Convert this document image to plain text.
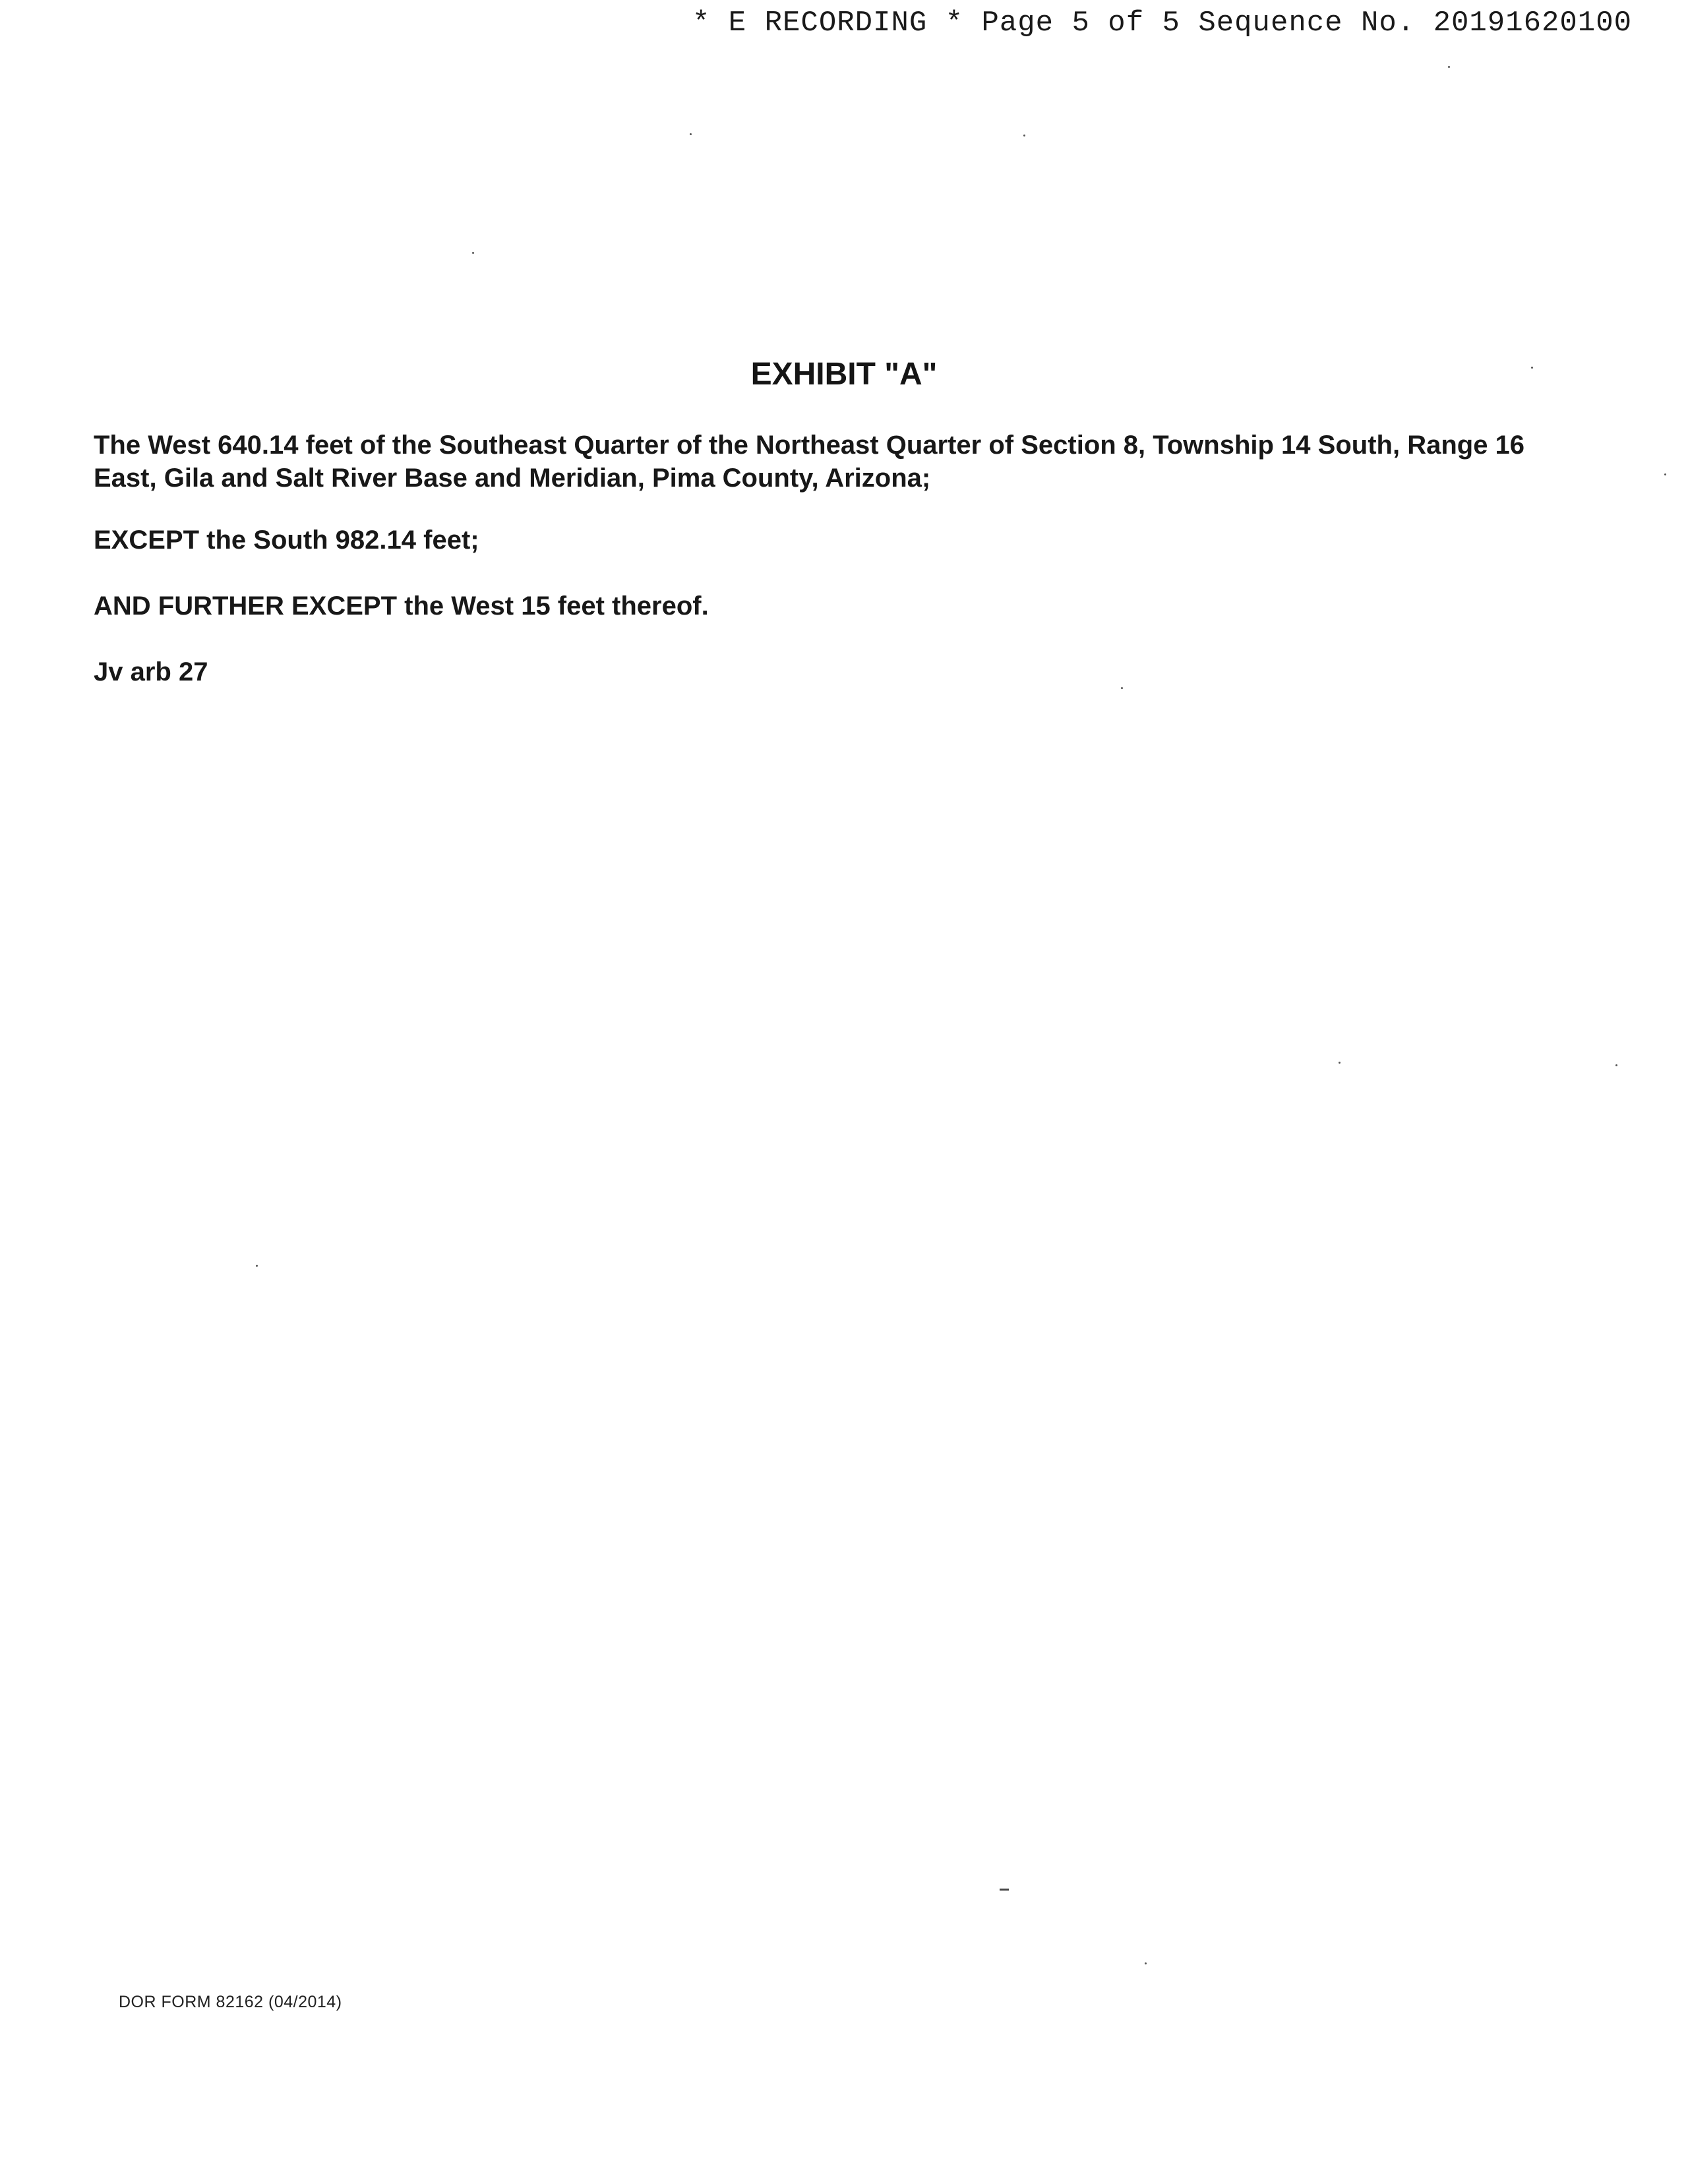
* E RECORDING * Page 5 of 5 Sequence No. 20191620100
EXHIBIT "A"

The West 640.14 feet of the Southeast Quarter of the Northeast Quarter of Section 8, Township 14 South, Range 16 East, Gila and Salt River Base and Meridian, Pima County, Arizona;

EXCEPT the South 982.14 feet;

AND FURTHER EXCEPT the West 15 feet thereof.

Jv arb 27

DOR FORM 82162 (04/2014)
